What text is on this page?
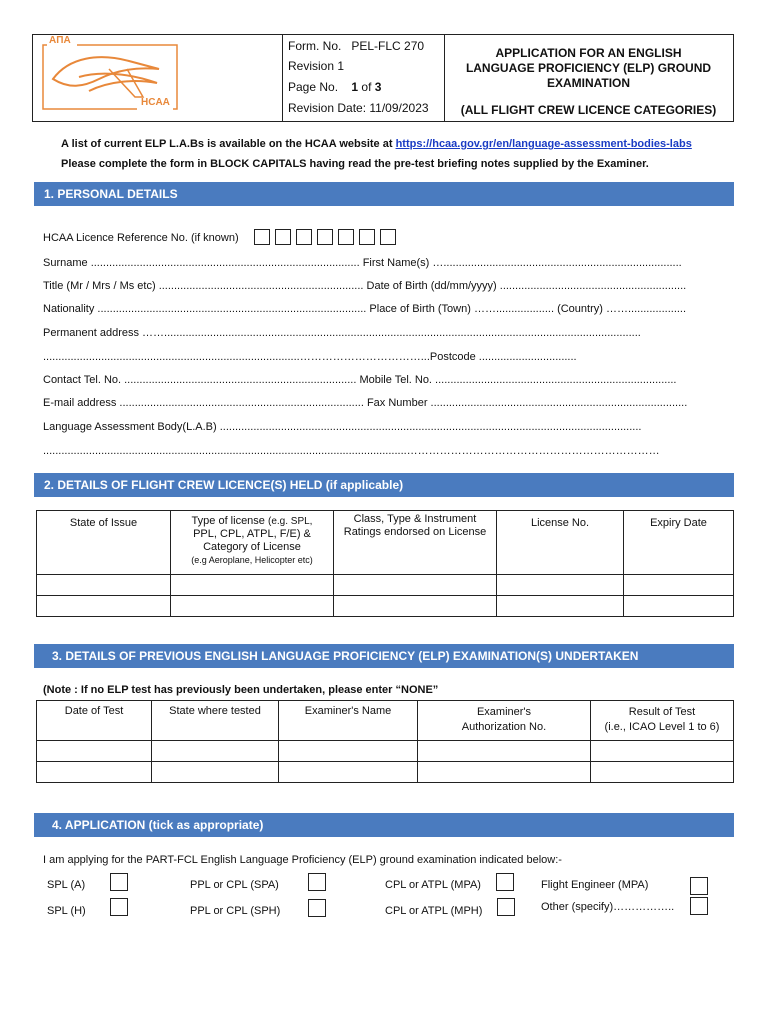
ΑΠΑ
HCAA
Form. No. PEL-FLC 270
Revision 1
Page No. 1 of 3
Revision Date: 11/09/2023
APPLICATION FOR AN ENGLISH
LANGUAGE PROFICIENCY (ELP) GROUND
EXAMINATION
(ALL FLIGHT CREW LICENCE CATEGORIES)
A list of current ELP L.A.Bs is available on the HCAA website at https://hcaa.gov.gr/en/language-assessment-bodies-labs
Please complete the form in BLOCK CAPITALS having read the pre-test briefing notes supplied by the Examiner.
1. PERSONAL DETAILS
HCAA Licence Reference No. (if known)
Surname ........................................................................................ First Name(s) …..............................................................................
Title (Mr / Mrs / Ms etc) ................................................................... Date of Birth (dd/mm/yyyy) .............................................................
Nationality ........................................................................................ Place of Birth (Town) ……................... (Country) ……...................
Permanent address ……............................................................................................................................................................
....................................................................................……………………………...Postcode ................................
Contact Tel. No. ............................................................................ Mobile Tel. No. ...............................................................................
E-mail address ................................................................................ Fax Number ....................................................................................
Language Assessment Body(L.A.B) ..........................................................................................................................................
.......................................................................................................................……………………………………………………………
2. DETAILS OF FLIGHT CREW LICENCE(S) HELD (if applicable)
State of Issue	Type of license (e.g. SPL,
PPL, CPL, ATPL, F/E) &
Category of License
(e.g Aeroplane, Helicopter etc)	Class, Type & Instrument Ratings endorsed on License	License No.	Expiry Date

3. DETAILS OF PREVIOUS ENGLISH LANGUAGE PROFICIENCY (ELP) EXAMINATION(S) UNDERTAKEN
(Note : If no ELP test has previously been undertaken, please enter “NONE”
Date of Test	State where tested	Examiner's Name	Examiner's
Authorization No.	Result of Test
(i.e., ICAO Level 1 to 6)

4. APPLICATION (tick as appropriate)
I am applying for the PART-FCL English Language Proficiency (ELP) ground examination indicated below:-
SPL (A)	PPL or CPL (SPA)	CPL or ATPL (MPA)	Flight Engineer (MPA)
SPL (H)	PPL or CPL (SPH)	CPL or ATPL (MPH)	Other (specify)……………..
